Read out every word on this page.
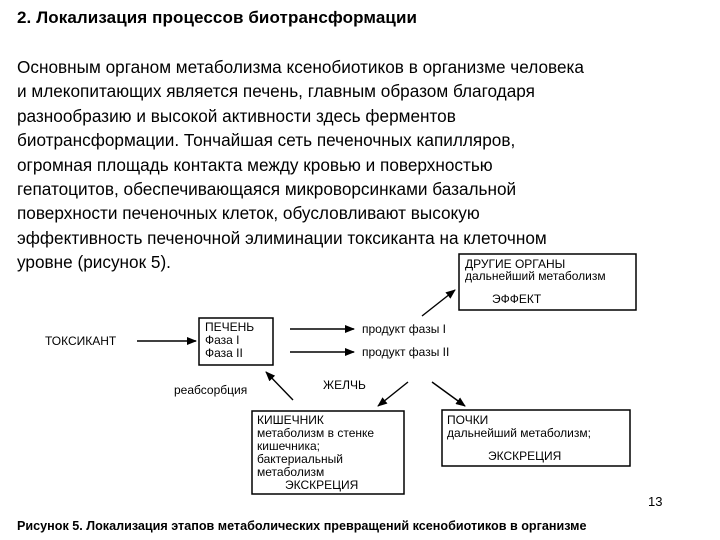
2. Локализация процессов биотрансформации
Основным органом метаболизма ксенобиотиков в организме человека
и млекопитающих является печень, главным образом благодаря
разнообразию и высокой активности здесь ферментов
биотрансформации. Тончайшая сеть печеночных капилляров,
огромная площадь контакта между кровью и поверхностью
гепатоцитов, обеспечивающаяся микроворсинками базальной
поверхности печеночных клеток, обусловливают высокую
эффективность печеночной элиминации токсиканта на клеточном
уровне (рисунок 5).	ДРУГИЕ ОРГАНЫ
дальнейший метаболизм
ЭФФЕКТ
ТОКСИКАНТ
ПЕЧЕНЬ
Фаза I
Фаза II
продукт фазы I
продукт фазы II
реабсорбция	ЖЕЛЧЬ
КИШЕЧНИК
метаболизм в стенке
кишечника;
бактериальный
метаболизм
ЭКСКРЕЦИЯ
ПОЧКИ
дальнейший метаболизм;
ЭКСКРЕЦИЯ
13
Рисунок 5. Локализация этапов метаболических превращений ксенобиотиков в организме
